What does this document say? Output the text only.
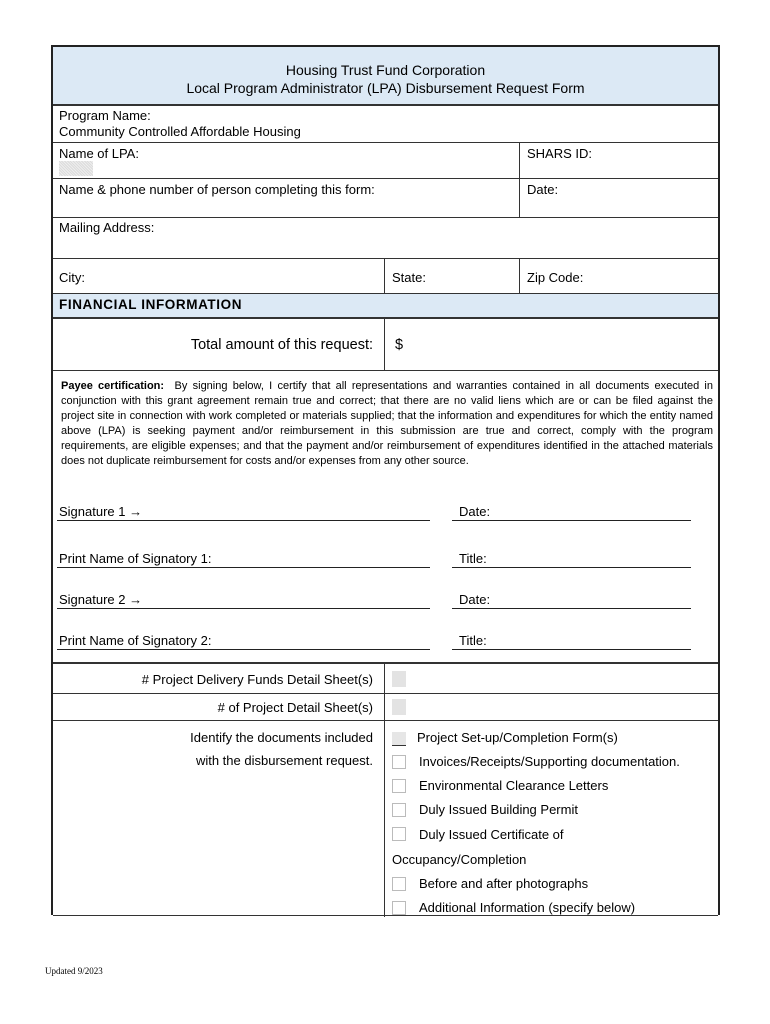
Housing Trust Fund Corporation
Local Program Administrator (LPA) Disbursement Request Form
Program Name:
Community Controlled Affordable Housing
Name of LPA:	SHARS ID:
Name & phone number of person completing this form:	Date:
Mailing Address:
City:	State:	Zip Code:
FINANCIAL INFORMATION
Total amount of this request: $
Payee certification: By signing below, I certify that all representations and warranties contained in all documents executed in conjunction with this grant agreement remain true and correct; that there are no valid liens which are or can be filed against the project site in connection with work completed or materials supplied; that the information and expenditures for which the entity named above (LPA) is seeking payment and/or reimbursement in this submission are true and correct, comply with the program requirements, are eligible expenses; and that the payment and/or reimbursement of expenditures identified in the attached materials does not duplicate reimbursement for costs and/or expenses from any other source.
Signature 1 →	Date:
Print Name of Signatory 1:	Title:
Signature 2 →	Date:
Print Name of Signatory 2:	Title:
# Project Delivery Funds Detail Sheet(s)
# of Project Detail Sheet(s)
Identify the documents included
with the disbursement request.
Project Set-up/Completion Form(s)
Invoices/Receipts/Supporting documentation.
Environmental Clearance Letters
Duly Issued Building Permit
Duly Issued Certificate of
Occupancy/Completion
Before and after photographs
Additional Information (specify below)
Updated 9/2023
